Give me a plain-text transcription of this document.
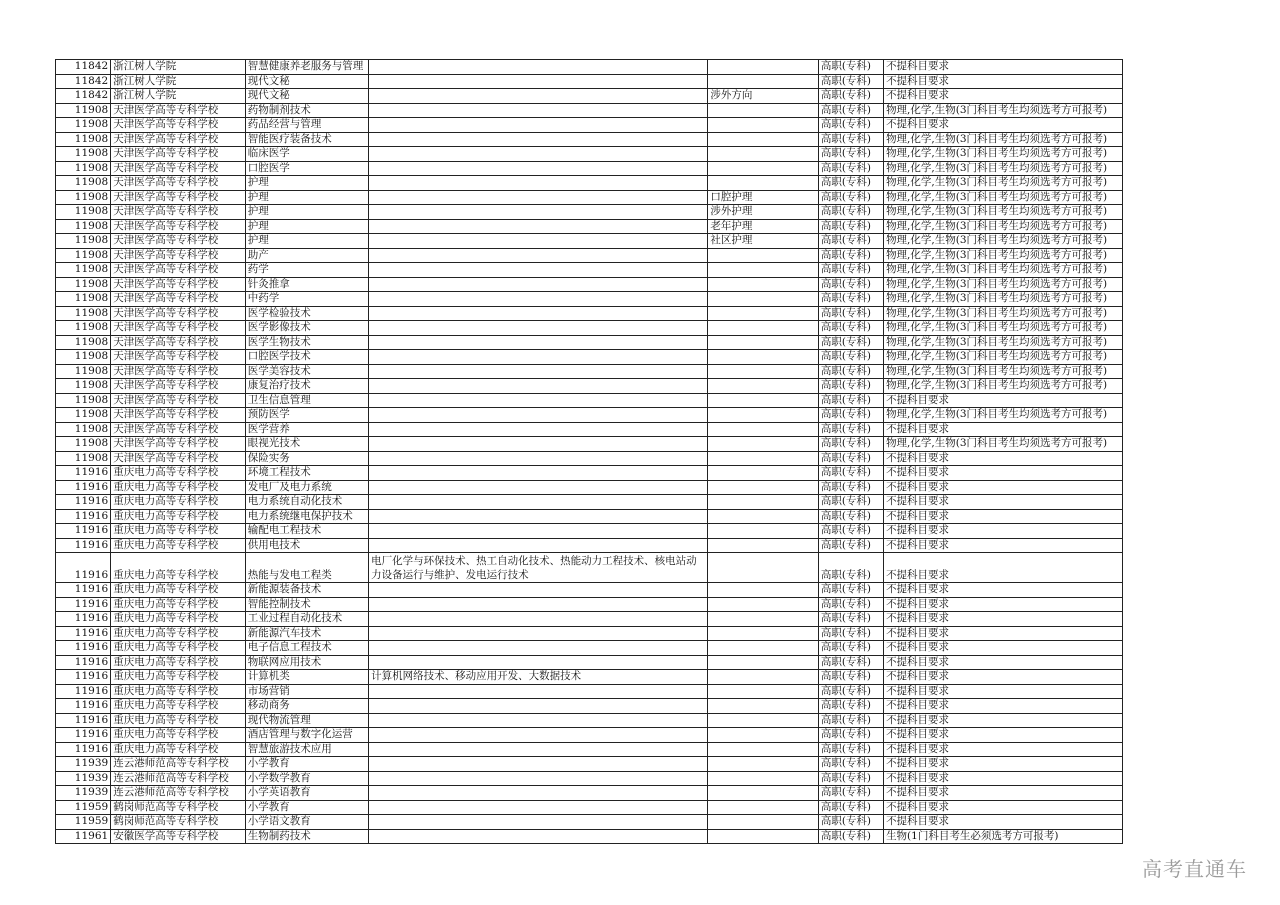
11842	浙江树人学院	智慧健康养老服务与管理			高职(专科)	不提科目要求
11842	浙江树人学院	现代文秘			高职(专科)	不提科目要求
11842	浙江树人学院	现代文秘		涉外方向	高职(专科)	不提科目要求
11908	天津医学高等专科学校	药物制剂技术			高职(专科)	物理,化学,生物(3门科目考生均须选考方可报考)
11908	天津医学高等专科学校	药品经营与管理			高职(专科)	不提科目要求
11908	天津医学高等专科学校	智能医疗装备技术			高职(专科)	物理,化学,生物(3门科目考生均须选考方可报考)
11908	天津医学高等专科学校	临床医学			高职(专科)	物理,化学,生物(3门科目考生均须选考方可报考)
11908	天津医学高等专科学校	口腔医学			高职(专科)	物理,化学,生物(3门科目考生均须选考方可报考)
11908	天津医学高等专科学校	护理			高职(专科)	物理,化学,生物(3门科目考生均须选考方可报考)
11908	天津医学高等专科学校	护理		口腔护理	高职(专科)	物理,化学,生物(3门科目考生均须选考方可报考)
11908	天津医学高等专科学校	护理		涉外护理	高职(专科)	物理,化学,生物(3门科目考生均须选考方可报考)
11908	天津医学高等专科学校	护理		老年护理	高职(专科)	物理,化学,生物(3门科目考生均须选考方可报考)
11908	天津医学高等专科学校	护理		社区护理	高职(专科)	物理,化学,生物(3门科目考生均须选考方可报考)
11908	天津医学高等专科学校	助产			高职(专科)	物理,化学,生物(3门科目考生均须选考方可报考)
11908	天津医学高等专科学校	药学			高职(专科)	物理,化学,生物(3门科目考生均须选考方可报考)
11908	天津医学高等专科学校	针灸推拿			高职(专科)	物理,化学,生物(3门科目考生均须选考方可报考)
11908	天津医学高等专科学校	中药学			高职(专科)	物理,化学,生物(3门科目考生均须选考方可报考)
11908	天津医学高等专科学校	医学检验技术			高职(专科)	物理,化学,生物(3门科目考生均须选考方可报考)
11908	天津医学高等专科学校	医学影像技术			高职(专科)	物理,化学,生物(3门科目考生均须选考方可报考)
11908	天津医学高等专科学校	医学生物技术			高职(专科)	物理,化学,生物(3门科目考生均须选考方可报考)
11908	天津医学高等专科学校	口腔医学技术			高职(专科)	物理,化学,生物(3门科目考生均须选考方可报考)
11908	天津医学高等专科学校	医学美容技术			高职(专科)	物理,化学,生物(3门科目考生均须选考方可报考)
11908	天津医学高等专科学校	康复治疗技术			高职(专科)	物理,化学,生物(3门科目考生均须选考方可报考)
11908	天津医学高等专科学校	卫生信息管理			高职(专科)	不提科目要求
11908	天津医学高等专科学校	预防医学			高职(专科)	物理,化学,生物(3门科目考生均须选考方可报考)
11908	天津医学高等专科学校	医学营养			高职(专科)	不提科目要求
11908	天津医学高等专科学校	眼视光技术			高职(专科)	物理,化学,生物(3门科目考生均须选考方可报考)
11908	天津医学高等专科学校	保险实务			高职(专科)	不提科目要求
11916	重庆电力高等专科学校	环境工程技术			高职(专科)	不提科目要求
11916	重庆电力高等专科学校	发电厂及电力系统			高职(专科)	不提科目要求
11916	重庆电力高等专科学校	电力系统自动化技术			高职(专科)	不提科目要求
11916	重庆电力高等专科学校	电力系统继电保护技术			高职(专科)	不提科目要求
11916	重庆电力高等专科学校	输配电工程技术			高职(专科)	不提科目要求
11916	重庆电力高等专科学校	供用电技术			高职(专科)	不提科目要求
11916	重庆电力高等专科学校	热能与发电工程类	电厂化学与环保技术、热工自动化技术、热能动力工程技术、核电站动力设备运行与维护、发电运行技术		高职(专科)	不提科目要求
11916	重庆电力高等专科学校	新能源装备技术			高职(专科)	不提科目要求
11916	重庆电力高等专科学校	智能控制技术			高职(专科)	不提科目要求
11916	重庆电力高等专科学校	工业过程自动化技术			高职(专科)	不提科目要求
11916	重庆电力高等专科学校	新能源汽车技术			高职(专科)	不提科目要求
11916	重庆电力高等专科学校	电子信息工程技术			高职(专科)	不提科目要求
11916	重庆电力高等专科学校	物联网应用技术			高职(专科)	不提科目要求
11916	重庆电力高等专科学校	计算机类	计算机网络技术、移动应用开发、大数据技术		高职(专科)	不提科目要求
11916	重庆电力高等专科学校	市场营销			高职(专科)	不提科目要求
11916	重庆电力高等专科学校	移动商务			高职(专科)	不提科目要求
11916	重庆电力高等专科学校	现代物流管理			高职(专科)	不提科目要求
11916	重庆电力高等专科学校	酒店管理与数字化运营			高职(专科)	不提科目要求
11916	重庆电力高等专科学校	智慧旅游技术应用			高职(专科)	不提科目要求
11939	连云港师范高等专科学校	小学教育			高职(专科)	不提科目要求
11939	连云港师范高等专科学校	小学数学教育			高职(专科)	不提科目要求
11939	连云港师范高等专科学校	小学英语教育			高职(专科)	不提科目要求
11959	鹤岗师范高等专科学校	小学教育			高职(专科)	不提科目要求
11959	鹤岗师范高等专科学校	小学语文教育			高职(专科)	不提科目要求
11961	安徽医学高等专科学校	生物制药技术			高职(专科)	生物(1门科目考生必须选考方可报考)
高考直通车
